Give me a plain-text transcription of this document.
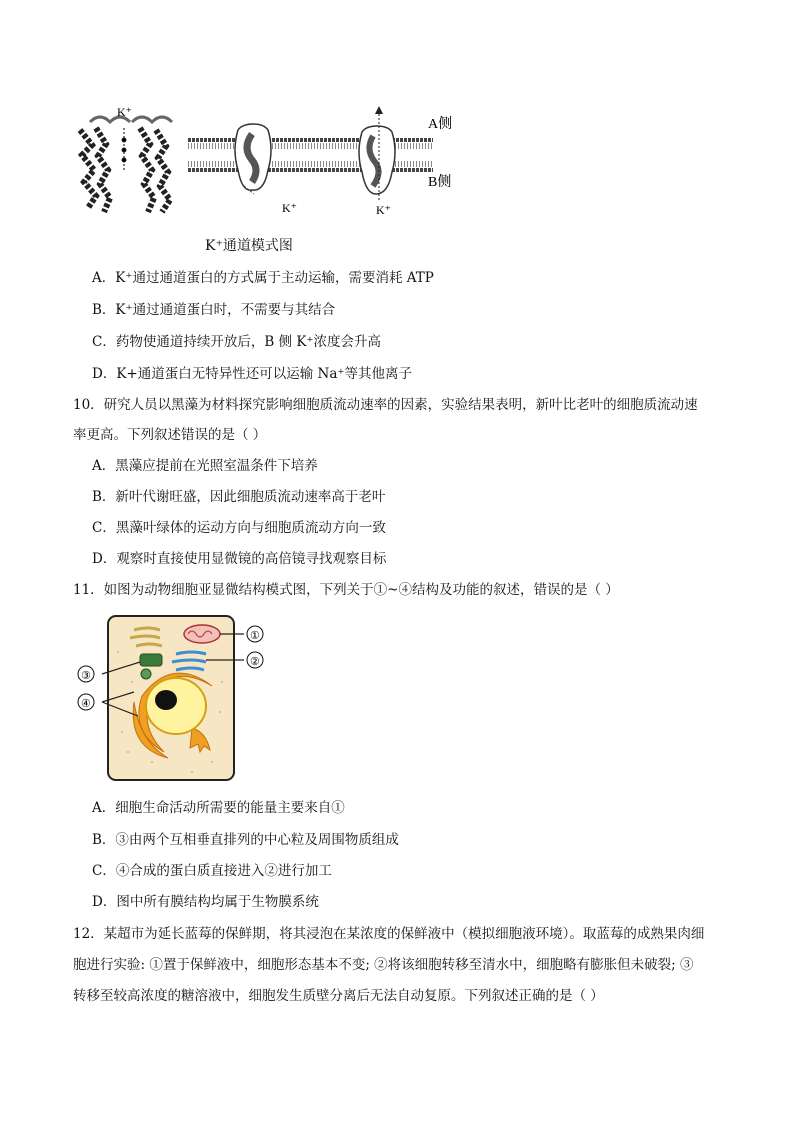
K⁺
K⁺	K⁺
A侧
B侧
K⁺通道模式图
A．K⁺通过通道蛋白的方式属于主动运输，需要消耗 ATP
B．K⁺通过通道蛋白时，不需要与其结合
C．药物使通道持续开放后，B 侧 K⁺浓度会升高
D．K+通道蛋白无特异性还可以运输 Na⁺等其他离子
10．研究人员以黑藻为材料探究影响细胞质流动速率的因素，实验结果表明，新叶比老叶的细胞质流动速
率更高。下列叙述错误的是（ ）
A．黑藻应提前在光照室温条件下培养
B．新叶代谢旺盛，因此细胞质流动速率高于老叶
C．黑藻叶绿体的运动方向与细胞质流动方向一致
D．观察时直接使用显微镜的高倍镜寻找观察目标
11．如图为动物细胞亚显微结构模式图，下列关于①~④结构及功能的叙述，错误的是（ ）
①
②
③
④
A．细胞生命活动所需要的能量主要来自①
B．③由两个互相垂直排列的中心粒及周围物质组成
C．④合成的蛋白质直接进入②进行加工
D．图中所有膜结构均属于生物膜系统
12．某超市为延长蓝莓的保鲜期，将其浸泡在某浓度的保鲜液中（模拟细胞液环境）。取蓝莓的成熟果肉细
胞进行实验: ①置于保鲜液中，细胞形态基本不变; ②将该细胞转移至清水中，细胞略有膨胀但未破裂; ③
转移至较高浓度的糖溶液中，细胞发生质壁分离后无法自动复原。下列叙述正确的是（ ）
